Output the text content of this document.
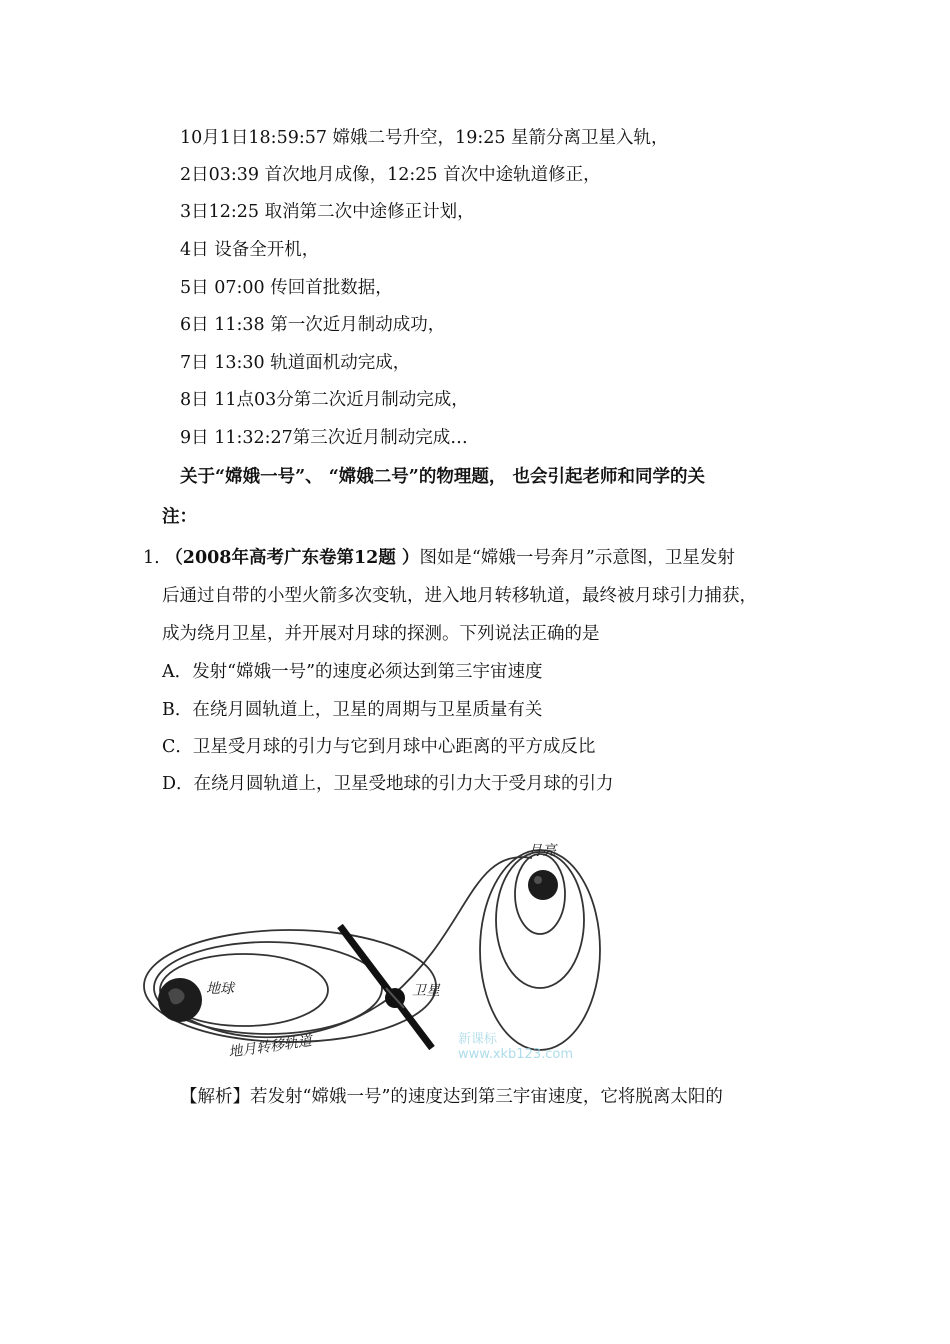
10月1日18:59:57 嫦娥二号升空，19:25 星箭分离卫星入轨，
2日03:39 首次地月成像，12:25 首次中途轨道修正，
3日12:25 取消第二次中途修正计划，
4日 设备全开机，
5日 07:00 传回首批数据，
6日 11:38 第一次近月制动成功，
7日 13:30 轨道面机动完成，
8日 11点03分第二次近月制动完成，
9日 11:32:27第三次近月制动完成…
关于“嫦娥一号”、 “嫦娥二号”的物理题， 也会引起老师和同学的关
注：
1. （2008年高考广东卷第12题 ）图如是“嫦娥一号奔月”示意图，卫星发射
后通过自带的小型火箭多次变轨，进入地月转移轨道，最终被月球引力捕获，
成为绕月卫星，并开展对月球的探测。下列说法正确的是
A．发射“嫦娥一号”的速度必须达到第三宇宙速度
B．在绕月圆轨道上，卫星的周期与卫星质量有关
C．卫星受月球的引力与它到月球中心距离的平方成反比
D．在绕月圆轨道上，卫星受地球的引力大于受月球的引力
月亮
地球	卫星
地月转移轨道	新课标 www.xkb123.com
【解析】若发射“嫦娥一号”的速度达到第三宇宙速度，它将脱离太阳的
